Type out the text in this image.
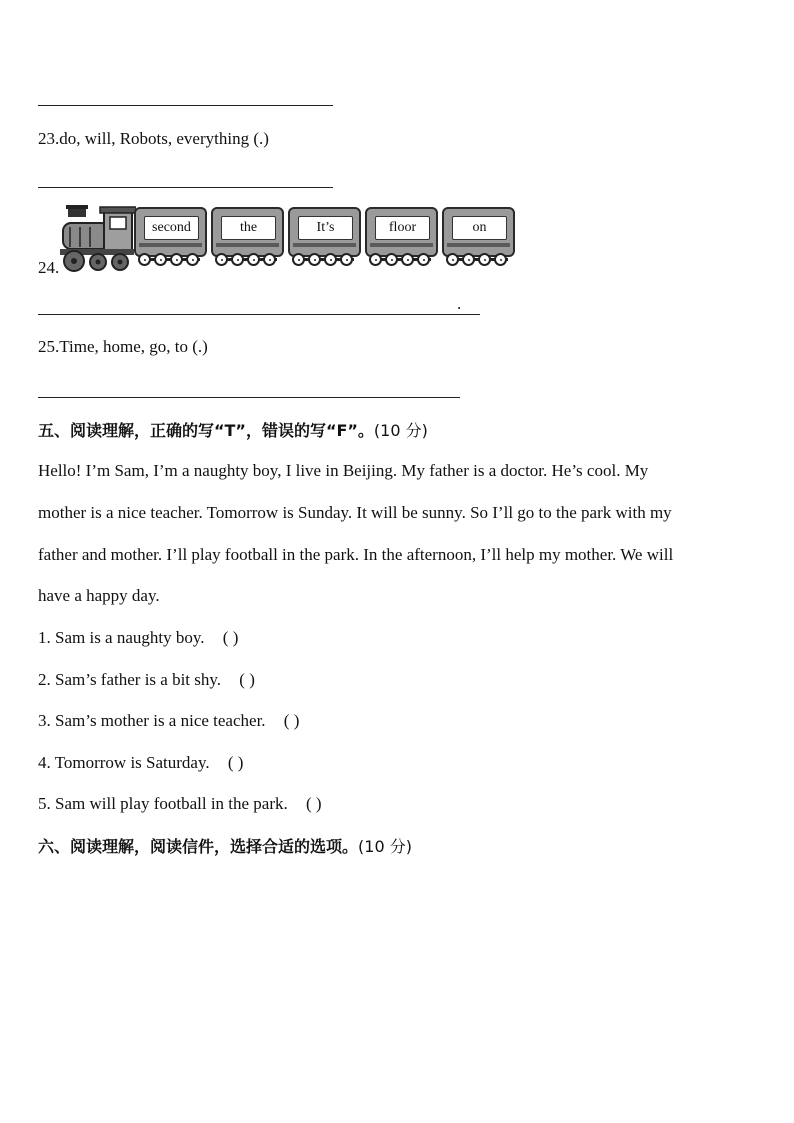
23.do, will, Robots, everything (.)
24.
second	the	It’s	floor	on
.
25.Time, home, go, to (.)
五、阅读理解，正确的写“T”，错误的写“F”。(10 分)
Hello! I’m Sam, I’m a naughty boy, I live in Beijing. My father is a doctor. He’s cool. My
mother is a nice teacher. Tomorrow is Sunday. It will be sunny. So I’ll go to the park with my
father and mother. I’ll play football in the park. In the afternoon, I’ll help my mother. We will
have a happy day.
1. Sam is a naughty boy. ( )
2. Sam’s father is a bit shy. ( )
3. Sam’s mother is a nice teacher. ( )
4. Tomorrow is Saturday. ( )
5. Sam will play football in the park. ( )
六、阅读理解，阅读信件，选择合适的选项。(10 分)
